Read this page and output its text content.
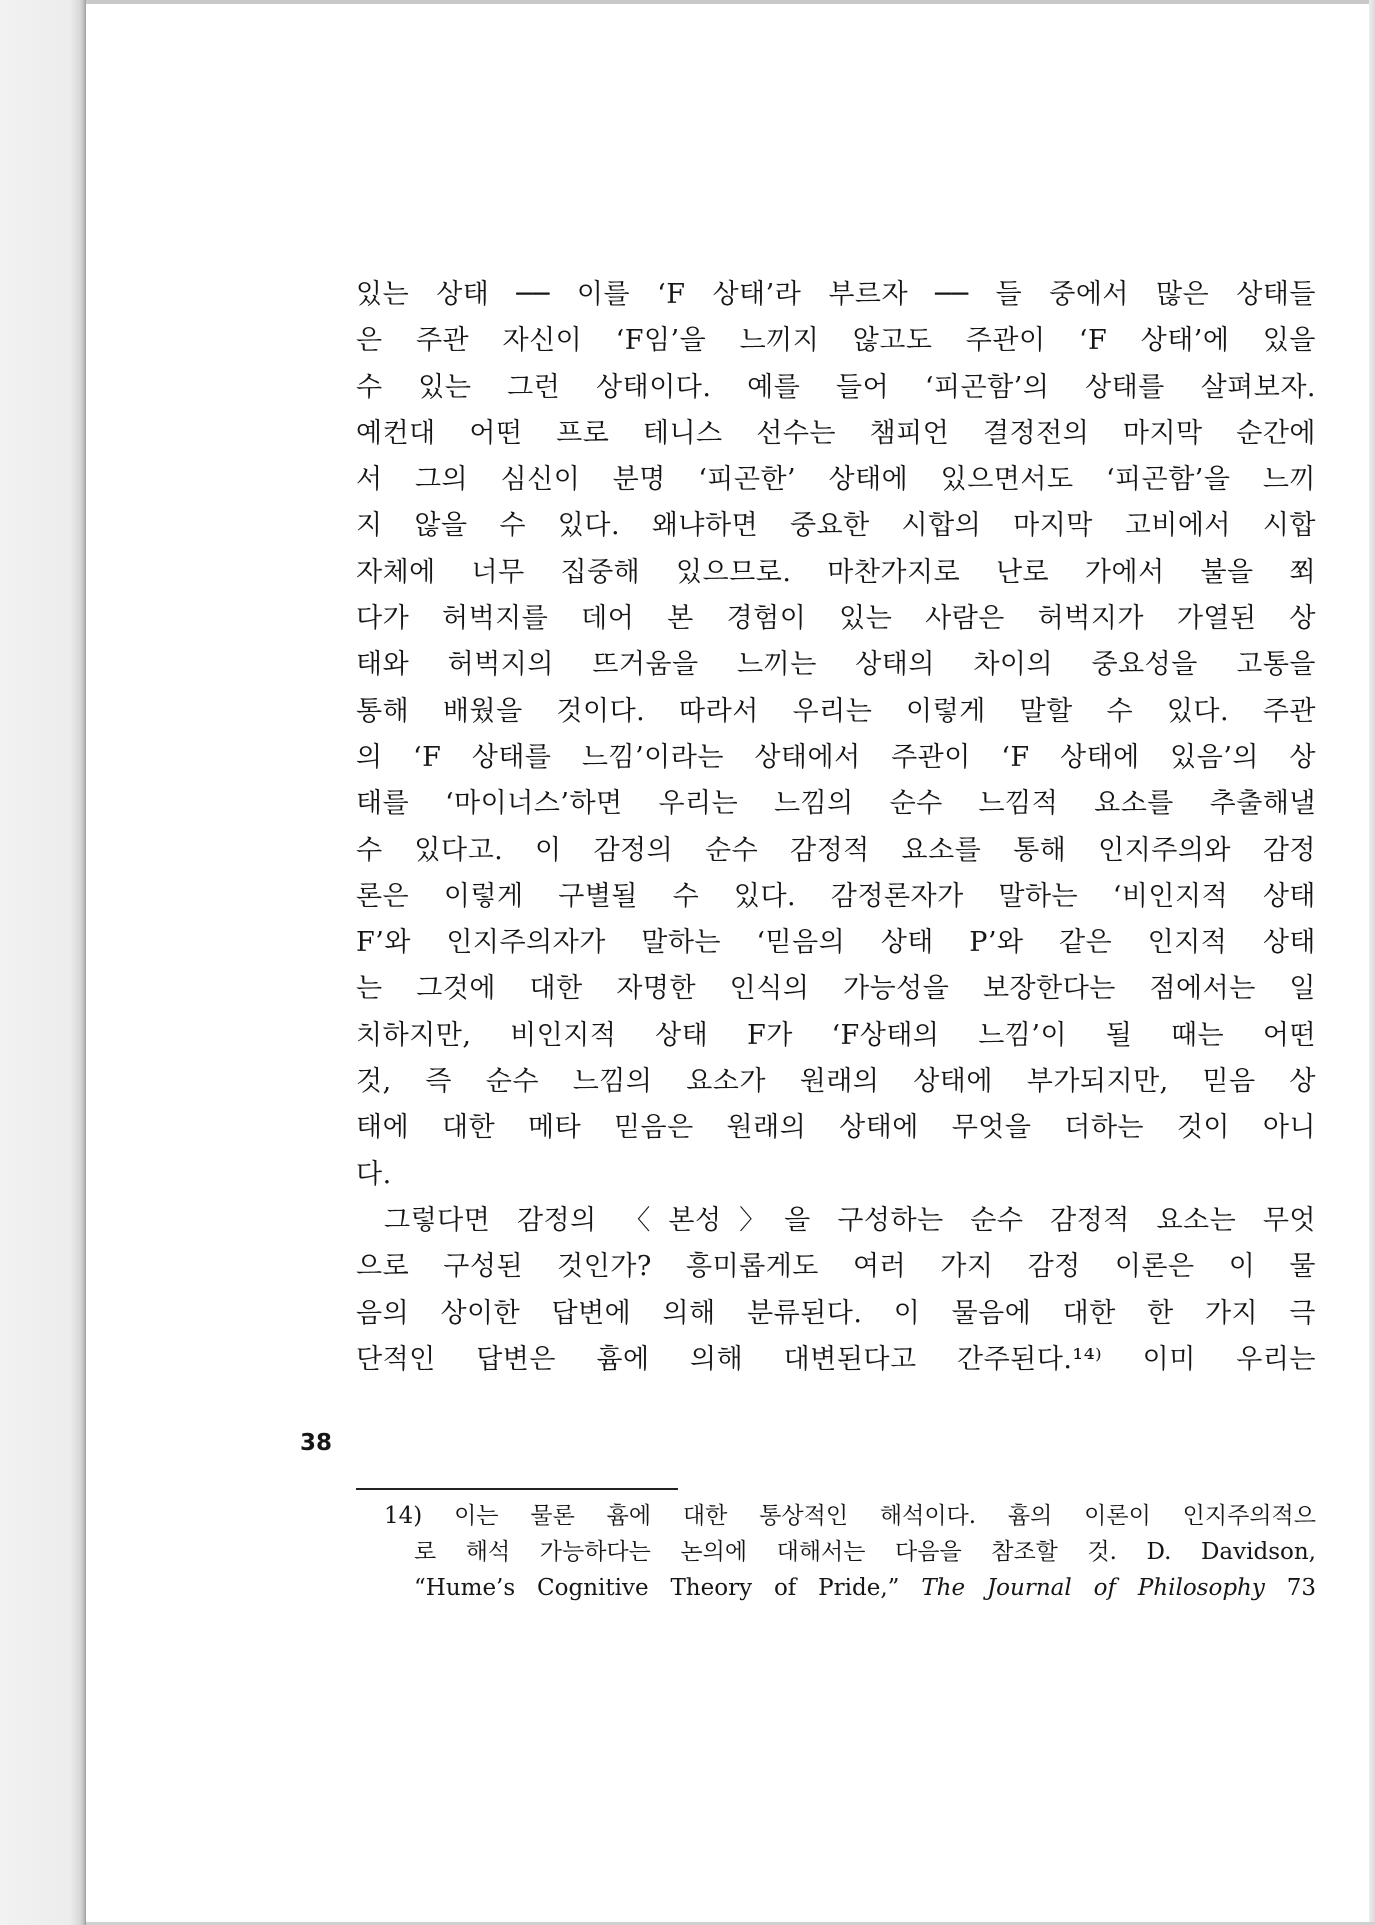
있는 상태 ── 이를 ‘F 상태’라 부르자 ── 들 중에서 많은 상태들
은 주관 자신이 ‘F임’을 느끼지 않고도 주관이 ‘F 상태’에 있을
수 있는 그런 상태이다. 예를 들어 ‘피곤함’의 상태를 살펴보자.
예컨대 어떤 프로 테니스 선수는 챔피언 결정전의 마지막 순간에
서 그의 심신이 분명 ‘피곤한’ 상태에 있으면서도 ‘피곤함’을 느끼
지 않을 수 있다. 왜냐하면 중요한 시합의 마지막 고비에서 시합
자체에 너무 집중해 있으므로. 마찬가지로 난로 가에서 불을 쬐
다가 허벅지를 데어 본 경험이 있는 사람은 허벅지가 가열된 상
태와 허벅지의 뜨거움을 느끼는 상태의 차이의 중요성을 고통을
통해 배웠을 것이다. 따라서 우리는 이렇게 말할 수 있다. 주관
의 ‘F 상태를 느낌’이라는 상태에서 주관이 ‘F 상태에 있음’의 상
태를 ‘마이너스’하면 우리는 느낌의 순수 느낌적 요소를 추출해낼
수 있다고. 이 감정의 순수 감정적 요소를 통해 인지주의와 감정
론은 이렇게 구별될 수 있다. 감정론자가 말하는 ‘비인지적 상태
F’와 인지주의자가 말하는 ‘믿음의 상태 P’와 같은 인지적 상태
는 그것에 대한 자명한 인식의 가능성을 보장한다는 점에서는 일
치하지만, 비인지적 상태 F가 ‘F상태의 느낌’이 될 때는 어떤
것, 즉 순수 느낌의 요소가 원래의 상태에 부가되지만, 믿음 상
태에 대한 메타 믿음은 원래의 상태에 무엇을 더하는 것이 아니
다.
그렇다면 감정의 〈본성〉을 구성하는 순수 감정적 요소는 무엇
으로 구성된 것인가? 흥미롭게도 여러 가지 감정 이론은 이 물
음의 상이한 답변에 의해 분류된다. 이 물음에 대한 한 가지 극
단적인 답변은 흄에 의해 대변된다고 간주된다.¹⁴⁾ 이미 우리는
14) 이는 물론 흄에 대한 통상적인 해석이다. 흄의 이론이 인지주의적으
로 해석 가능하다는 논의에 대해서는 다음을 참조할 것. D. Davidson,
“Hume’s Cognitive Theory of Pride,” The Journal of Philosophy 73
38
